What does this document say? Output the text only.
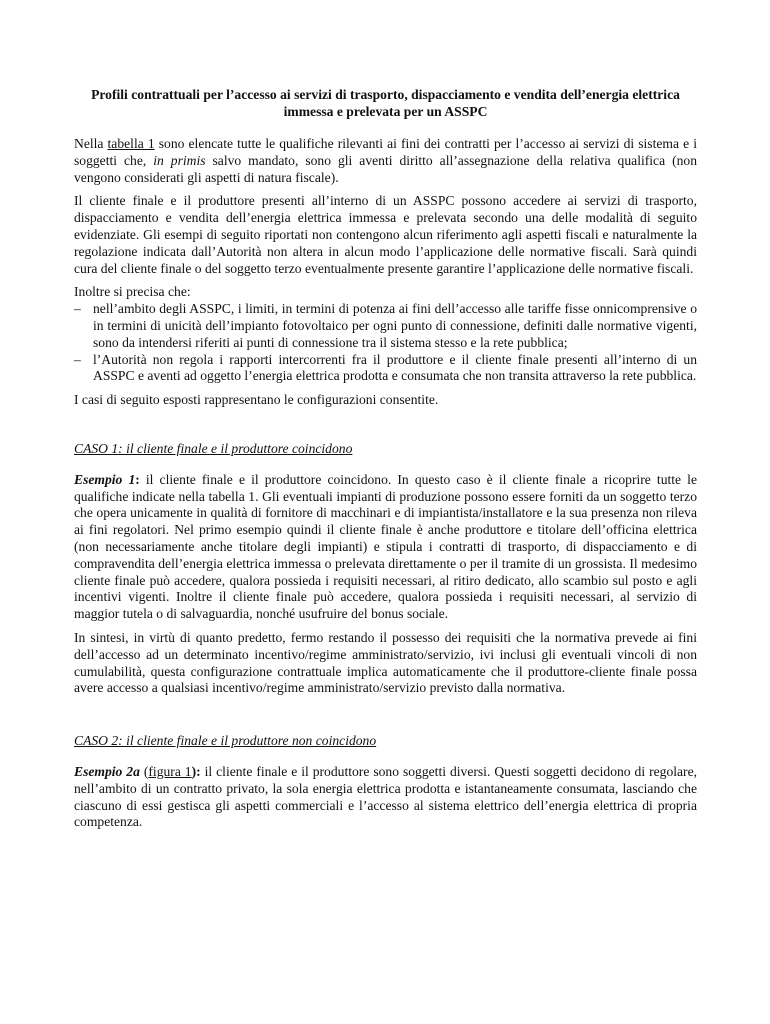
Profili contrattuali per l’accesso ai servizi di trasporto, dispacciamento e vendita dell’energia elettrica immessa e prelevata per un ASSPC

Nella tabella 1 sono elencate tutte le qualifiche rilevanti ai fini dei contratti per l’accesso ai servizi di sistema e i soggetti che, in primis salvo mandato, sono gli aventi diritto all’assegnazione della relativa qualifica (non vengono considerati gli aspetti di natura fiscale).

Il cliente finale e il produttore presenti all’interno di un ASSPC possono accedere ai servizi di trasporto, dispacciamento e vendita dell’energia elettrica immessa e prelevata secondo una delle modalità di seguito evidenziate. Gli esempi di seguito riportati non contengono alcun riferimento agli aspetti fiscali e naturalmente la regolazione indicata dall’Autorità non altera in alcun modo l’applicazione delle normative fiscali. Sarà quindi cura del cliente finale o del soggetto terzo eventualmente presente garantire l’applicazione delle normative fiscali.

Inoltre si precisa che:
– nell’ambito degli ASSPC, i limiti, in termini di potenza ai fini dell’accesso alle tariffe fisse onnicomprensive o in termini di unicità dell’impianto fotovoltaico per ogni punto di connessione, definiti dalle normative vigenti, sono da intendersi riferiti ai punti di connessione tra il sistema stesso e la rete pubblica;
– l’Autorità non regola i rapporti intercorrenti fra il produttore e il cliente finale presenti all’interno di un ASSPC e aventi ad oggetto l’energia elettrica prodotta e consumata che non transita attraverso la rete pubblica.

I casi di seguito esposti rappresentano le configurazioni consentite.

CASO 1: il cliente finale e il produttore coincidono

Esempio 1: il cliente finale e il produttore coincidono. In questo caso è il cliente finale a ricoprire tutte le qualifiche indicate nella tabella 1. Gli eventuali impianti di produzione possono essere forniti da un soggetto terzo che opera unicamente in qualità di fornitore di macchinari e di impiantista/installatore e la sua presenza non rileva ai fini regolatori. Nel primo esempio quindi il cliente finale è anche produttore e titolare dell’officina elettrica (non necessariamente anche titolare degli impianti) e stipula i contratti di trasporto, di dispacciamento e di compravendita dell’energia elettrica immessa o prelevata direttamente o per il tramite di un grossista. Il medesimo cliente finale può accedere, qualora possieda i requisiti necessari, al ritiro dedicato, allo scambio sul posto e agli incentivi vigenti. Inoltre il cliente finale può accedere, qualora possieda i requisiti necessari, al servizio di maggior tutela o di salvaguardia, nonché usufruire del bonus sociale.

In sintesi, in virtù di quanto predetto, fermo restando il possesso dei requisiti che la normativa prevede ai fini dell’accesso ad un determinato incentivo/regime amministrato/servizio, ivi inclusi gli eventuali vincoli di non cumulabilità, questa configurazione contrattuale implica automaticamente che il produttore-cliente finale possa avere accesso a qualsiasi incentivo/regime amministrato/servizio previsto dalla normativa.

CASO 2: il cliente finale e il produttore non coincidono

Esempio 2a (figura 1): il cliente finale e il produttore sono soggetti diversi. Questi soggetti decidono di regolare, nell’ambito di un contratto privato, la sola energia elettrica prodotta e istantaneamente consumata, lasciando che ciascuno di essi gestisca gli aspetti commerciali e l’accesso al sistema elettrico dell’energia elettrica di propria competenza.
